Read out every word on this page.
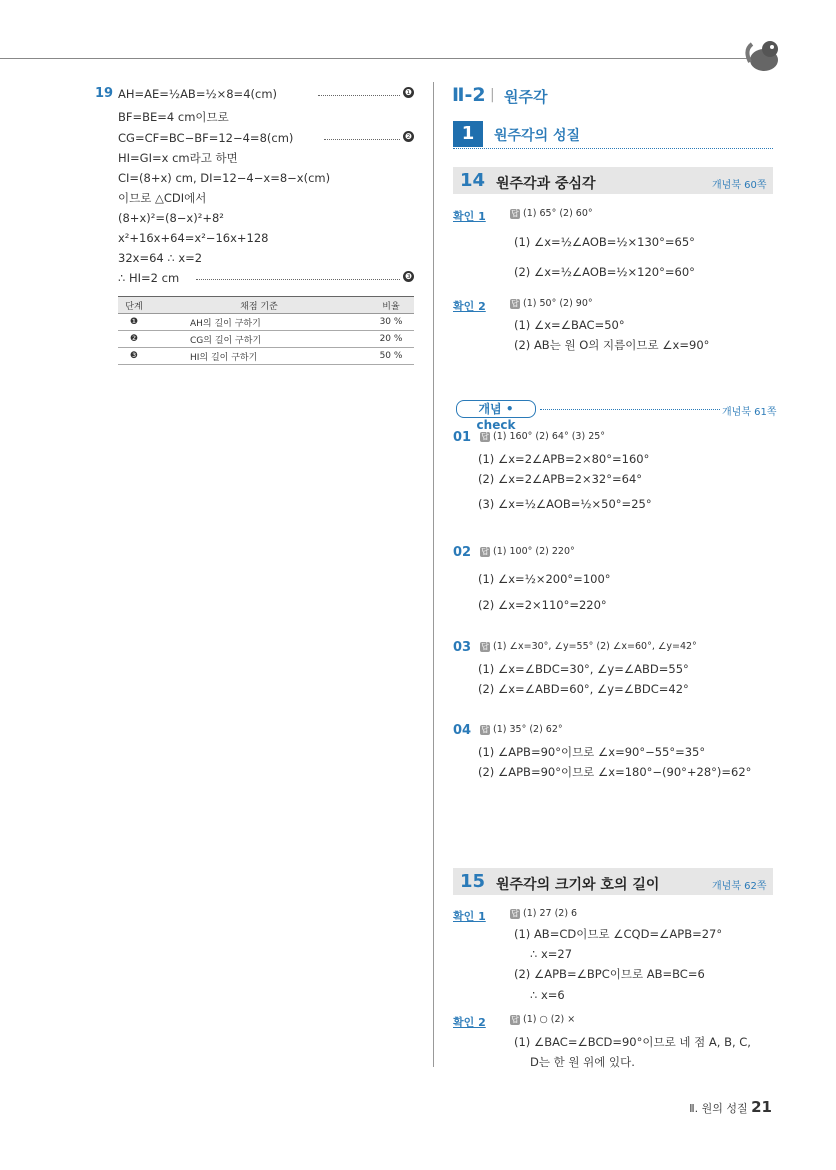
19 AH=AE=½AB=½×8=4(cm)	❶
BF=BE=4 cm이므로
CG=CF=BC−BF=12−4=8(cm)	❷
HI=GI=x cm라고 하면
CI=(8+x) cm, DI=12−4−x=8−x(cm)
이므로 △CDI에서
(8+x)²=(8−x)²+8²
x²+16x+64=x²−16x+128
32x=64 ∴ x=2
∴ HI=2 cm	❸
단계	채점 기준	비율
❶	AH의 길이 구하기	30 %
❷	CG의 길이 구하기	20 %
❸	HI의 길이 구하기	50 %
Ⅱ-2 | 원주각
1	원주각의 성질
14 원주각과 중심각	개념북 60쪽
확인 1	답 (1) 65° (2) 60°
(1) ∠x=½∠AOB=½×130°=65°
(2) ∠x=½∠AOB=½×120°=60°
확인 2	답 (1) 50° (2) 90°
(1) ∠x=∠BAC=50°
(2) AB는 원 O의 지름이므로 ∠x=90°
개념 • check
개념북 61쪽
01 답 (1) 160° (2) 64° (3) 25°
(1) ∠x=2∠APB=2×80°=160°
(2) ∠x=2∠APB=2×32°=64°
(3) ∠x=½∠AOB=½×50°=25°
02 답 (1) 100° (2) 220°
(1) ∠x=½×200°=100°
(2) ∠x=2×110°=220°
03 답 (1) ∠x=30°, ∠y=55° (2) ∠x=60°, ∠y=42°
(1) ∠x=∠BDC=30°, ∠y=∠ABD=55°
(2) ∠x=∠ABD=60°, ∠y=∠BDC=42°
04 답 (1) 35° (2) 62°
(1) ∠APB=90°이므로 ∠x=90°−55°=35°
(2) ∠APB=90°이므로 ∠x=180°−(90°+28°)=62°
15 원주각의 크기와 호의 길이	개념북 62쪽
확인 1	답 (1) 27 (2) 6
(1) AB=CD이므로 ∠CQD=∠APB=27°
∴ x=27
(2) ∠APB=∠BPC이므로 AB=BC=6
∴ x=6
확인 2	답 (1) ○ (2) ×
(1) ∠BAC=∠BCD=90°이므로 네 점 A, B, C,
D는 한 원 위에 있다.
Ⅱ. 원의 성질 21
